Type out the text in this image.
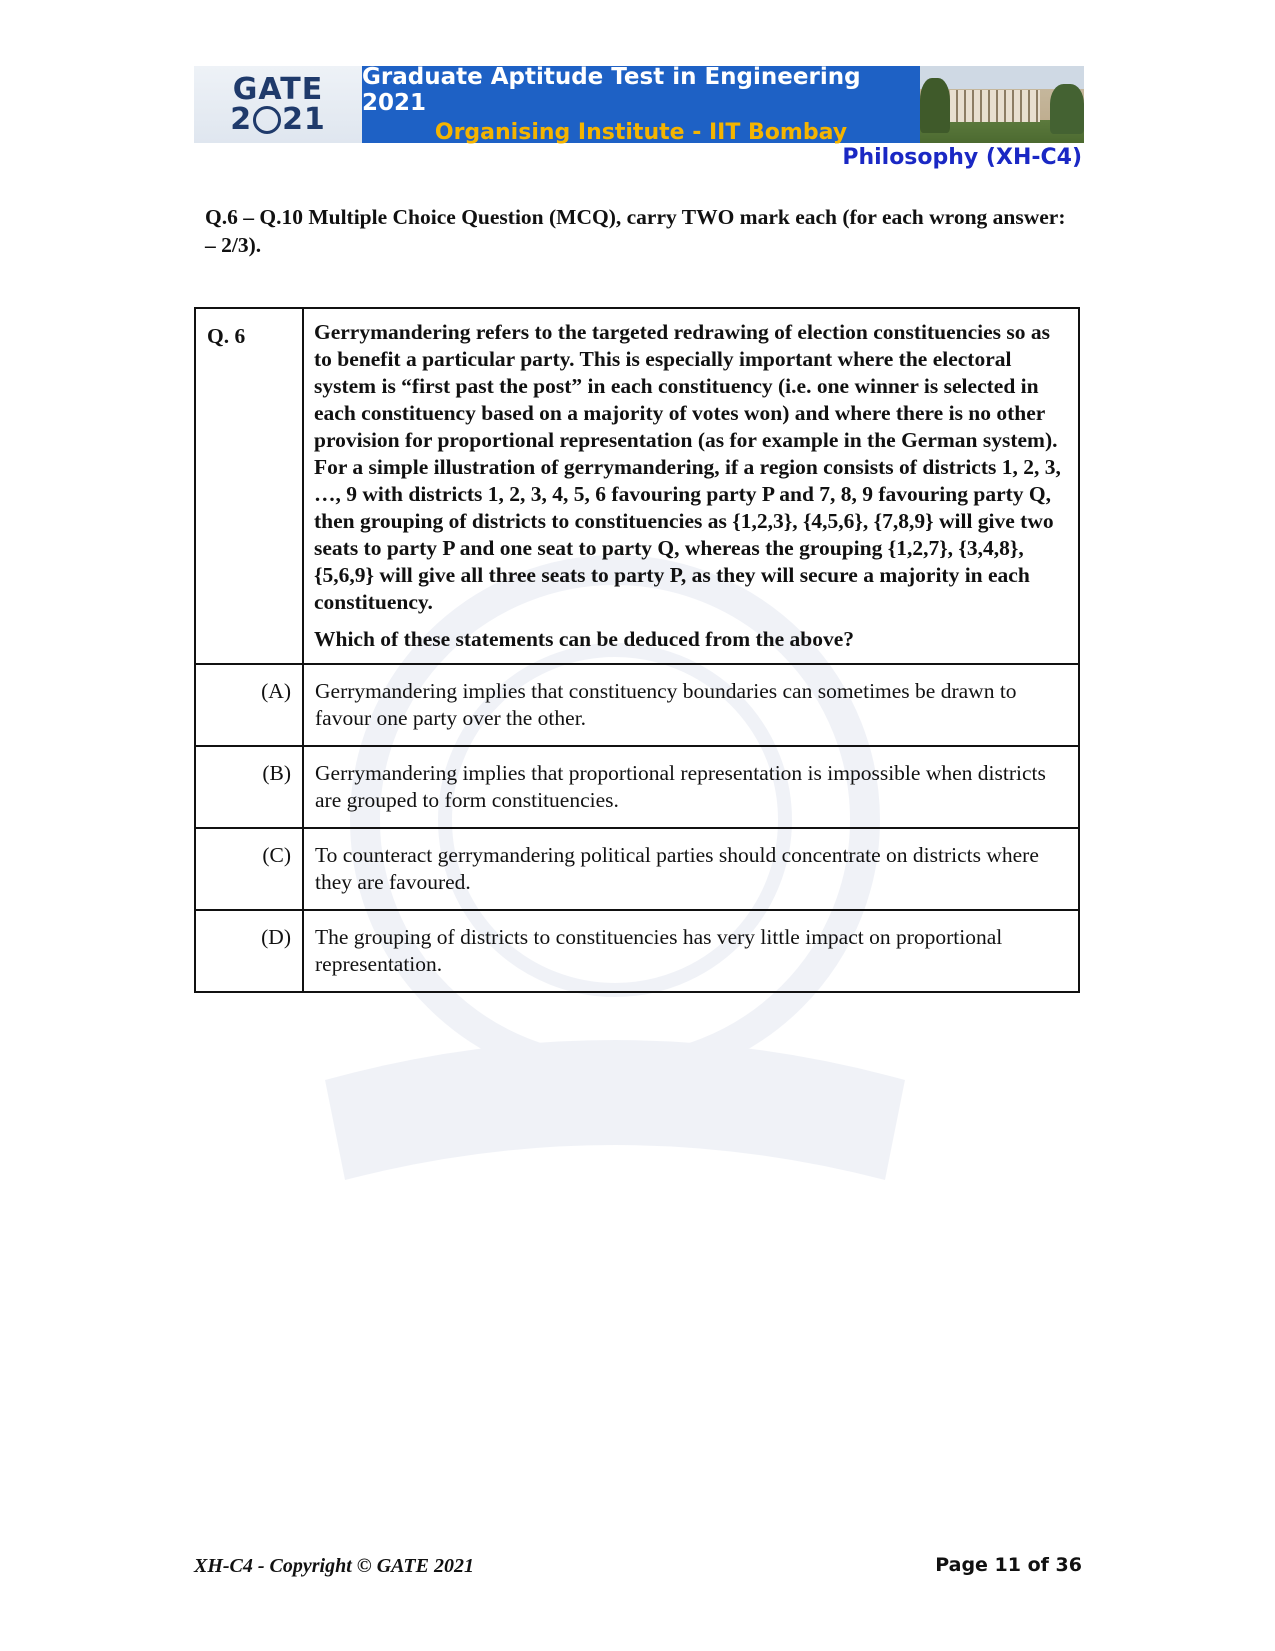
GATE
2 21
Graduate Aptitude Test in Engineering 2021
Organising Institute - IIT Bombay
Philosophy (XH-C4)
Q.6 – Q.10 Multiple Choice Question (MCQ), carry TWO mark each (for each wrong answer: – 2/3).
Q. 6	Gerrymandering refers to the targeted redrawing of election constituencies so as to benefit a particular party. This is especially important where the electoral system is “first past the post” in each constituency (i.e. one winner is selected in each constituency based on a majority of votes won) and where there is no other provision for proportional representation (as for example in the German system). For a simple illustration of gerrymandering, if a region consists of districts 1, 2, 3, …, 9 with districts 1, 2, 3, 4, 5, 6 favouring party P and 7, 8, 9 favouring party Q, then grouping of districts to constituencies as {1,2,3}, {4,5,6}, {7,8,9} will give two seats to party P and one seat to party Q, whereas the grouping {1,2,7}, {3,4,8}, {5,6,9} will give all three seats to party P, as they will secure a majority in each constituency.
Which of these statements can be deduced from the above?

(A)	Gerrymandering implies that constituency boundaries can sometimes be drawn to favour one party over the other.

(B)	Gerrymandering implies that proportional representation is impossible when districts are grouped to form constituencies.

(C)	To counteract gerrymandering political parties should concentrate on districts where they are favoured.

(D)	The grouping of districts to constituencies has very little impact on proportional representation.
XH-C4 - Copyright © GATE 2021	Page 11 of 36
